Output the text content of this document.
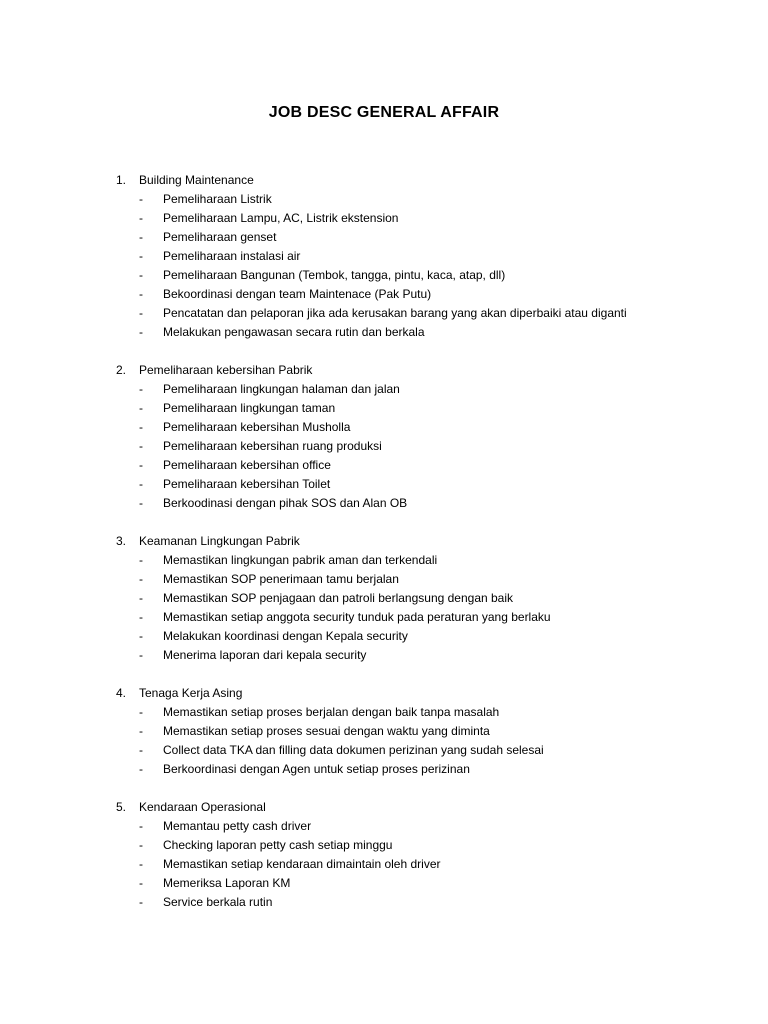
JOB DESC GENERAL AFFAIR
1.	Building Maintenance
-	Pemeliharaan Listrik
-	Pemeliharaan Lampu, AC, Listrik ekstension
-	Pemeliharaan genset
-	Pemeliharaan instalasi air
-	Pemeliharaan Bangunan (Tembok, tangga, pintu, kaca, atap, dll)
-	Bekoordinasi dengan team Maintenace (Pak Putu)
-	Pencatatan dan pelaporan jika ada kerusakan barang yang akan diperbaiki atau diganti
-	Melakukan pengawasan secara rutin dan berkala
2.	Pemeliharaan kebersihan Pabrik
-	Pemeliharaan lingkungan halaman dan jalan
-	Pemeliharaan lingkungan taman
-	Pemeliharaan kebersihan Musholla
-	Pemeliharaan kebersihan ruang produksi
-	Pemeliharaan kebersihan office
-	Pemeliharaan kebersihan Toilet
-	Berkoodinasi dengan pihak SOS dan Alan OB
3.	Keamanan Lingkungan Pabrik
-	Memastikan lingkungan pabrik aman dan terkendali
-	Memastikan SOP penerimaan tamu berjalan
-	Memastikan SOP penjagaan dan patroli berlangsung dengan baik
-	Memastikan setiap anggota security tunduk pada peraturan yang berlaku
-	Melakukan koordinasi dengan Kepala security
-	Menerima laporan dari kepala security
4.	Tenaga Kerja Asing
-	Memastikan setiap proses berjalan dengan baik tanpa masalah
-	Memastikan setiap proses sesuai dengan waktu yang diminta
-	Collect data TKA dan filling data dokumen perizinan yang sudah selesai
-	Berkoordinasi dengan Agen untuk setiap proses perizinan
5.	Kendaraan Operasional
-	Memantau petty cash driver
-	Checking laporan petty cash setiap minggu
-	Memastikan setiap kendaraan dimaintain oleh driver
-	Memeriksa Laporan KM
-	Service berkala rutin
